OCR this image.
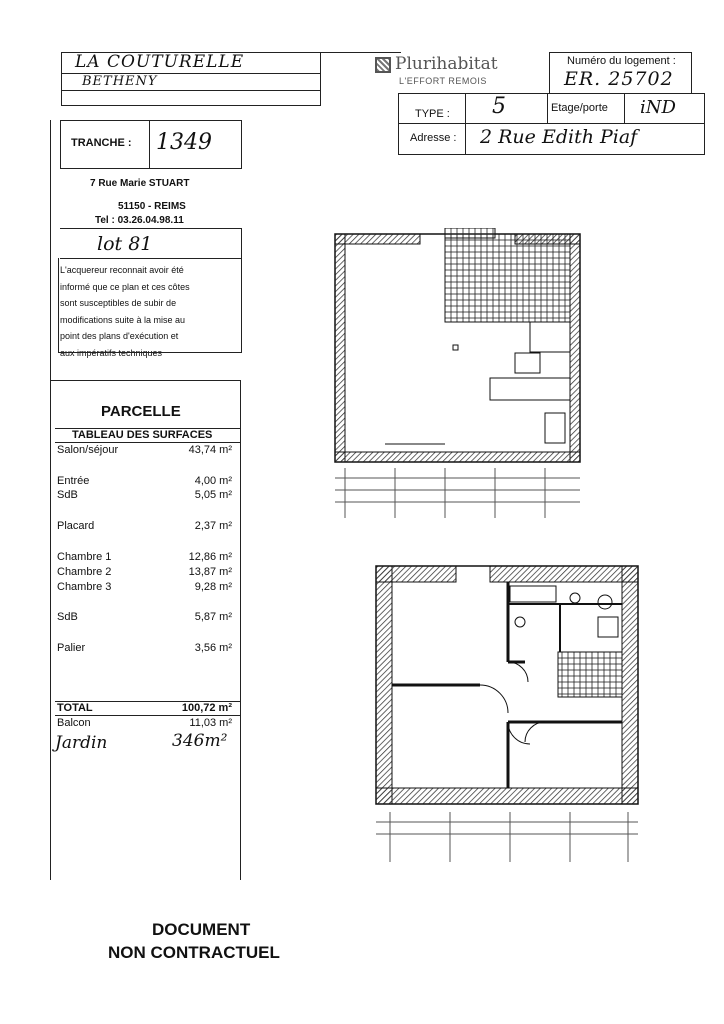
LA COUTURELLE
BETHENY
Plurihabitat
L'EFFORT REMOIS
Numéro du logement :
ER. 25702
TYPE : 5	Etage/porte iND
Adresse : 2 Rue Edith Piaf
TRANCHE : 1349
7 Rue Marie STUART
51150 - REIMS
Tel : 03.26.04.98.11
lot 81
L'acquereur reconnait avoir été
informé que ce plan et ces côtes
sont susceptibles de subir de
modifications suite à la mise au
point des plans d'exécution et
aux impératifs techniques
PARCELLE
TABLEAU DES SURFACES
Salon/séjour	43,74 m²
Entrée	4,00 m²
SdB	5,05 m²
Placard	2,37 m²
Chambre 1	12,86 m²
Chambre 2	13,87 m²
Chambre 3	9,28 m²
SdB	5,87 m²
Palier	3,56 m²
TOTAL	100,72 m²
Balcon	11,03 m²
Jardin	346m²
DOCUMENT
NON CONTRACTUEL
